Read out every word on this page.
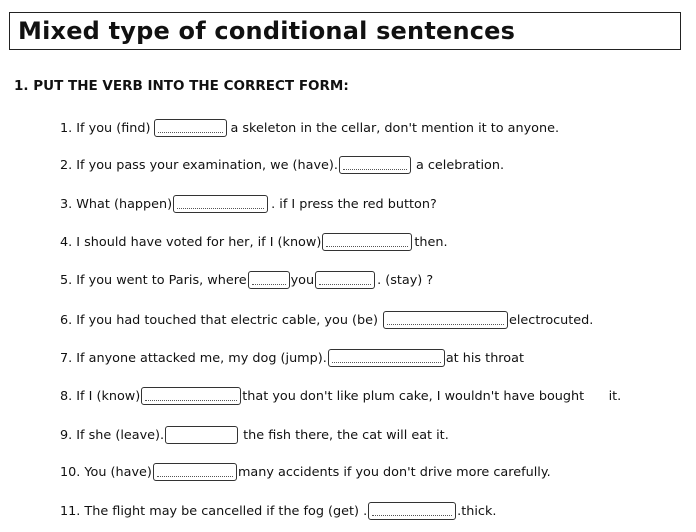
Mixed type of conditional sentences
1. PUT THE VERB INTO THE CORRECT FORM:
1. If you (find)	a skeleton in the cellar, don't mention it to anyone.
2. If you pass your examination, we (have).	a celebration.
3. What (happen)	. if I press the red button?
4. I should have voted for her, if I (know)	then.
5. If you went to Paris, where	you	. (stay) ?
6. If you had touched that electric cable, you (be)	electrocuted.
7. If anyone attacked me, my dog (jump).	at his throat
8. If I (know)	that you don't like plum cake, I wouldn't have bought      it.
9. If she (leave).	the fish there, the cat will eat it.
10. You (have)	many accidents if you don't drive more carefully.
11. The flight may be cancelled if the fog (get) .	.thick.
